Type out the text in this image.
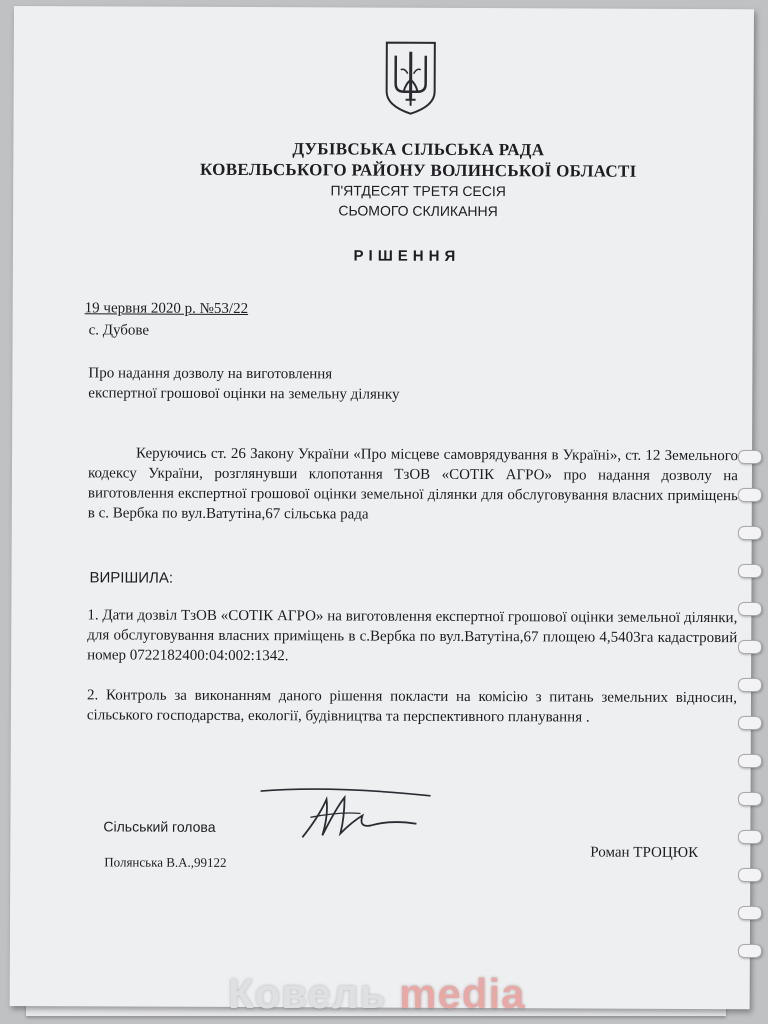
ДУБІВСЬКА СІЛЬСЬКА РАДА
КОВЕЛЬСЬКОГО РАЙОНУ ВОЛИНСЬКОЇ ОБЛАСТІ
П'ЯТДЕСЯТ ТРЕТЯ СЕСІЯ
СЬОМОГО СКЛИКАННЯ
РІШЕННЯ
19 червня 2020 р. №53/22
с. Дубове
Про надання дозволу на виготовлення
експертної грошової оцінки на земельну ділянку
Керуючись ст. 26 Закону України «Про місцеве самоврядування в Україні», ст. 12 Земельного кодексу України, розглянувши клопотання ТзОВ «СОТІК АГРО» про надання дозволу на виготовлення експертної грошової оцінки земельної ділянки для обслуговування власних приміщень в с. Вербка по вул.Ватутіна,67 сільська рада
ВИРІШИЛА:
1. Дати дозвіл ТзОВ «СОТІК АГРО» на виготовлення експертної грошової оцінки земельної ділянки, для обслуговування власних приміщень в с.Вербка по вул.Ватутіна,67 площею 4,5403га кадастровий номер 0722182400:04:002:1342.
2. Контроль за виконанням даного рішення покласти на комісію з питань земельних відносин, сільського господарства, екології, будівництва та перспективного планування .
Сільський голова
Полянська В.А.,99122
Роман ТРОЦЮК
Ковель media
